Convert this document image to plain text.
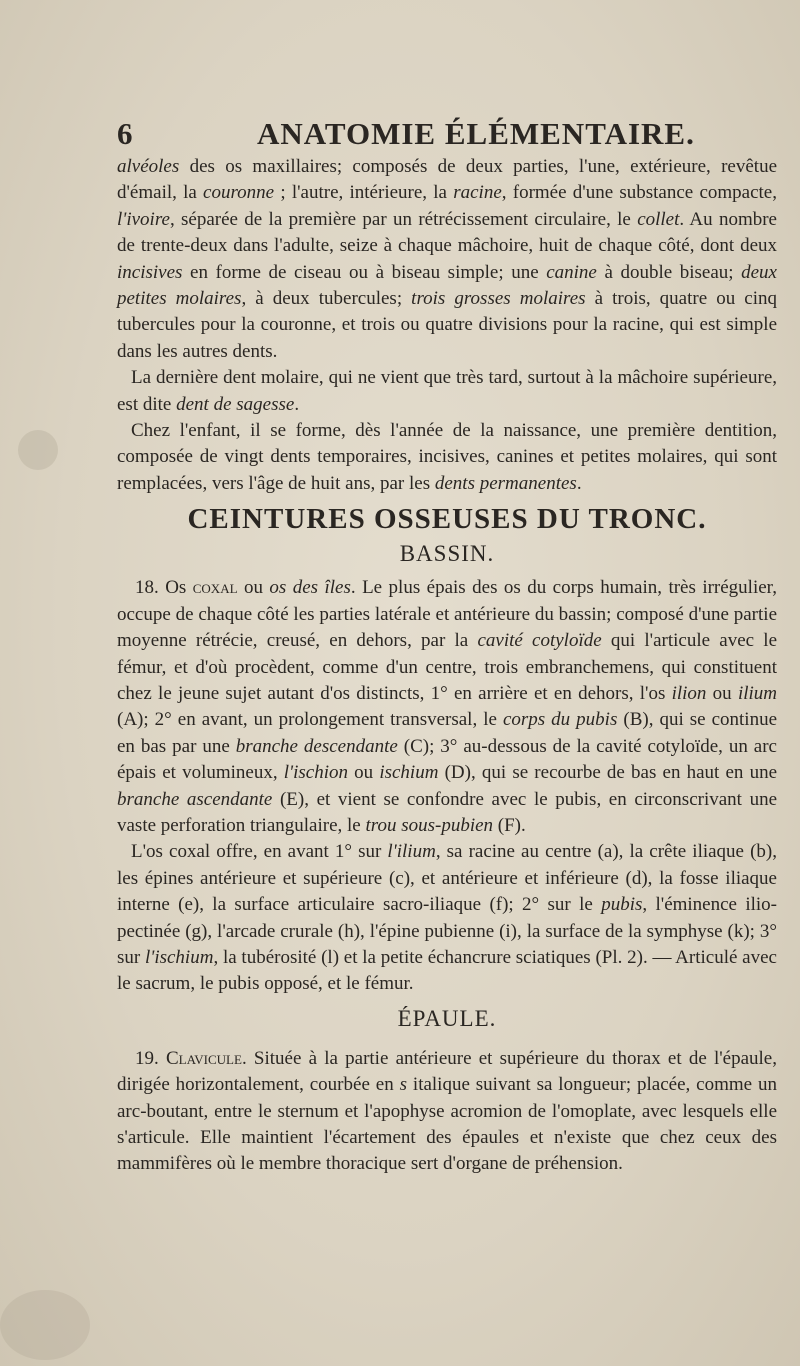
6	ANATOMIE ÉLÉMENTAIRE.

alvéoles des os maxillaires; composés de deux parties, l'une, extérieure, revêtue d'émail, la couronne ; l'autre, intérieure, la racine, formée d'une substance compacte, l'ivoire, séparée de la première par un rétrécissement circulaire, le collet. Au nombre de trente-deux dans l'adulte, seize à chaque mâchoire, huit de chaque côté, dont deux incisives en forme de ciseau ou à biseau simple; une canine à double biseau; deux petites molaires, à deux tubercules; trois grosses molaires à trois, quatre ou cinq tubercules pour la couronne, et trois ou quatre divisions pour la racine, qui est simple dans les autres dents.

La dernière dent molaire, qui ne vient que très tard, surtout à la mâchoire supérieure, est dite dent de sagesse.

Chez l'enfant, il se forme, dès l'année de la naissance, une première dentition, composée de vingt dents temporaires, incisives, canines et petites molaires, qui sont remplacées, vers l'âge de huit ans, par les dents permanentes.

CEINTURES OSSEUSES DU TRONC.
BASSIN.

18. Os coxal ou os des îles. Le plus épais des os du corps humain, très irrégulier, occupe de chaque côté les parties latérale et antérieure du bassin; composé d'une partie moyenne rétrécie, creusé, en dehors, par la cavité cotyloïde qui l'articule avec le fémur, et d'où procèdent, comme d'un centre, trois embranchemens, qui constituent chez le jeune sujet autant d'os distincts, 1° en arrière et en dehors, l'os ilion ou ilium (A); 2° en avant, un prolongement transversal, le corps du pubis (B), qui se continue en bas par une branche descendante (C); 3° au-dessous de la cavité cotyloïde, un arc épais et volumineux, l'ischion ou ischium (D), qui se recourbe de bas en haut en une branche ascendante (E), et vient se confondre avec le pubis, en circonscrivant une vaste perforation triangulaire, le trou sous-pubien (F).

L'os coxal offre, en avant 1° sur l'ilium, sa racine au centre (a), la crête iliaque (b), les épines antérieure et supérieure (c), et antérieure et inférieure (d), la fosse iliaque interne (e), la surface articulaire sacro-iliaque (f); 2° sur le pubis, l'éminence ilio-pectinée (g), l'arcade crurale (h), l'épine pubienne (i), la surface de la symphyse (k); 3° sur l'ischium, la tubérosité (l) et la petite échancrure sciatiques (Pl. 2). — Articulé avec le sacrum, le pubis opposé, et le fémur.

ÉPAULE.

19. Clavicule. Située à la partie antérieure et supérieure du thorax et de l'épaule, dirigée horizontalement, courbée en s italique suivant sa longueur; placée, comme un arc-boutant, entre le sternum et l'apophyse acromion de l'omoplate, avec lesquels elle s'articule. Elle maintient l'écartement des épaules et n'existe que chez ceux des mammifères où le membre thoracique sert d'organe de préhension.
